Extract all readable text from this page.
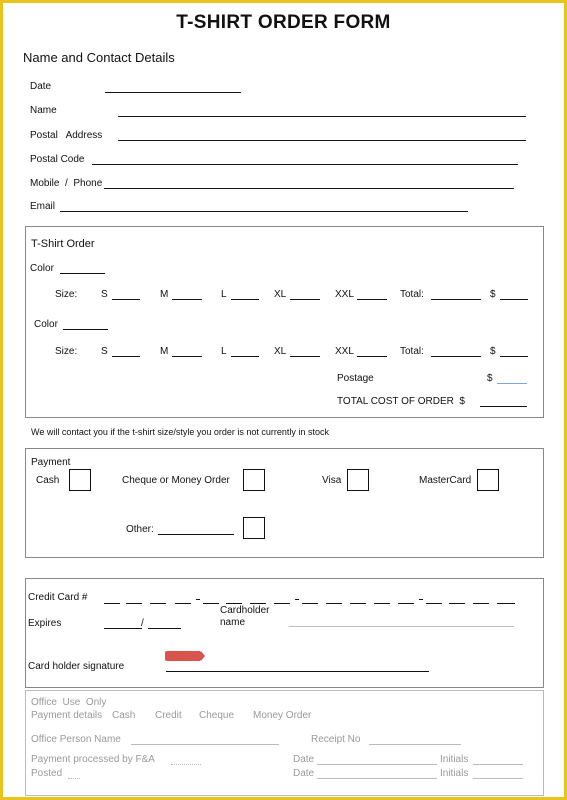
T-SHIRT ORDER FORM
Name and Contact Details
Date
Name
Postal   Address
Postal Code
Mobile  /  Phone
Email
T-Shirt Order
Color
Size: S	M	L	XL	XXL	Total:	$
Color
Size: S	M	L	XL	XXL	Total:	$
Postage	$
TOTAL COST OF ORDER  $
We will contact you if the t-shirt size/style you order is not currently in stock
Payment
Cash	Cheque or Money Order	Visa	MasterCard
Other:
Credit Card #
Expires	/
Cardholder
name
Card holder signature
Office  Use  Only
Payment details Cash Credit Cheque Money Order
Office Person Name	Receipt No
Payment processed by F&A	Date	Initials
Posted	Date	Initials
